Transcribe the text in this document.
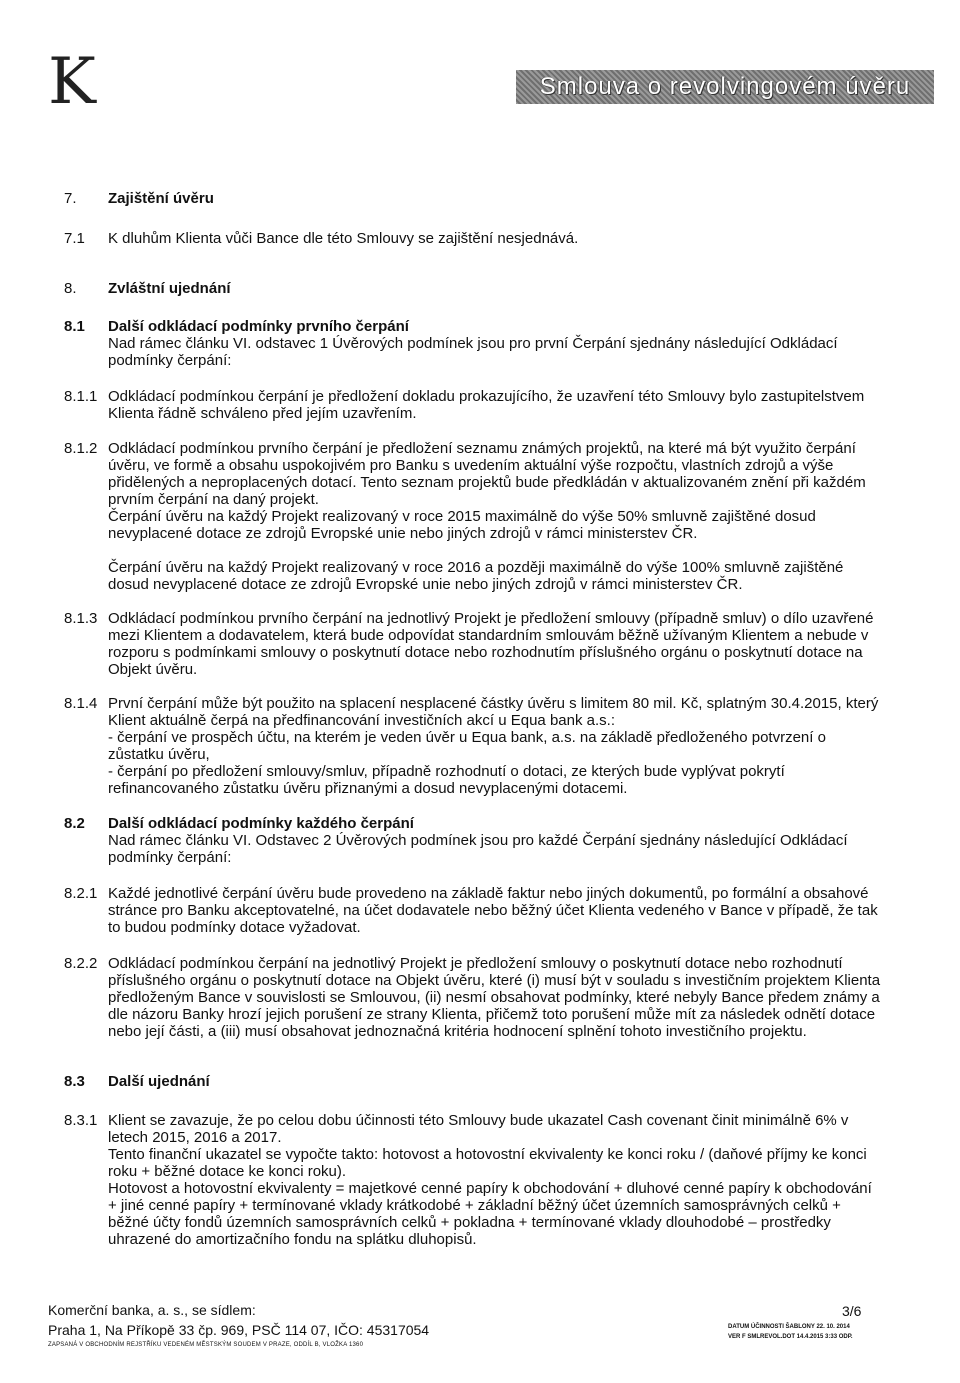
K	Smlouva o revolvingovém úvěru
7.	Zajištění úvěru

7.1	K dluhům Klienta vůči Bance dle této Smlouvy se zajištění nesjednává.

8.	Zvláštní ujednání

8.1	Další odkládací podmínky prvního čerpání

Nad rámec článku VI. odstavec 1 Úvěrových podmínek jsou pro první Čerpání sjednány následující Odkládací podmínky čerpání:

8.1.1 Odkládací podmínkou čerpání je předložení dokladu prokazujícího, že uzavření této Smlouvy bylo zastupitelstvem Klienta řádně schváleno před jejím uzavřením.

8.1.2 Odkládací podmínkou prvního čerpání je předložení seznamu známých projektů, na které má být využito čerpání úvěru, ve formě a obsahu uspokojivém pro Banku s uvedením aktuální výše rozpočtu, vlastních zdrojů a výše přidělených a neproplacených dotací. Tento seznam projektů bude předkládán v aktualizovaném znění při každém prvním čerpání na daný projekt.

Čerpání úvěru na každý Projekt realizovaný v roce 2015 maximálně do výše 50% smluvně zajištěné dosud nevyplacené dotace ze zdrojů Evropské unie nebo jiných zdrojů v rámci ministerstev ČR.

Čerpání úvěru na každý Projekt realizovaný v roce 2016 a později maximálně do výše 100% smluvně zajištěné dosud nevyplacené dotace ze zdrojů Evropské unie nebo jiných zdrojů v rámci ministerstev ČR.

8.1.3 Odkládací podmínkou prvního čerpání na jednotlivý Projekt je předložení smlouvy (případně smluv) o dílo uzavřené mezi Klientem a dodavatelem, která bude odpovídat standardním smlouvám běžně užívaným Klientem a nebude v rozporu s podmínkami smlouvy o poskytnutí dotace nebo rozhodnutím příslušného orgánu o poskytnutí dotace na Objekt úvěru.

8.1.4 První čerpání může být použito na splacení nesplacené částky úvěru s limitem 80 mil. Kč, splatným 30.4.2015, který Klient aktuálně čerpá na předfinancování investičních akcí u Equa bank a.s.:

- čerpání ve prospěch účtu, na kterém je veden úvěr u Equa bank, a.s. na základě předloženého potvrzení o zůstatku úvěru,

- čerpání po předložení smlouvy/smluv, případně rozhodnutí o dotaci, ze kterých bude vyplývat pokrytí refinancovaného zůstatku úvěru přiznanými a dosud nevyplacenými dotacemi.

8.2	Další odkládací podmínky každého čerpání

Nad rámec článku VI. Odstavec 2 Úvěrových podmínek jsou pro každé Čerpání sjednány následující Odkládací podmínky čerpání:

8.2.1 Každé jednotlivé čerpání úvěru bude provedeno na základě faktur nebo jiných dokumentů, po formální a obsahové stránce pro Banku akceptovatelné, na účet dodavatele nebo běžný účet Klienta vedeného v Bance v případě, že tak to budou podmínky dotace vyžadovat.

8.2.2 Odkládací podmínkou čerpání na jednotlivý Projekt je předložení smlouvy o poskytnutí dotace nebo rozhodnutí příslušného orgánu o poskytnutí dotace na Objekt úvěru, které (i) musí být v souladu s investičním projektem Klienta předloženým Bance v souvislosti se Smlouvou, (ii) nesmí obsahovat podmínky, které nebyly Bance předem známy a dle názoru Banky hrozí jejich porušení ze strany Klienta, přičemž toto porušení může mít za následek odnětí dotace nebo její části, a (iii) musí obsahovat jednoznačná kritéria hodnocení splnění tohoto investičního projektu.

8.3	Další ujednání

8.3.1 Klient se zavazuje, že po celou dobu účinnosti této Smlouvy bude ukazatel Cash covenant činit minimálně 6% v letech 2015, 2016 a 2017.

Tento finanční ukazatel se vypočte takto: hotovost a hotovostní ekvivalenty ke konci roku / (daňové příjmy ke konci roku + běžné dotace ke konci roku).

Hotovost a hotovostní ekvivalenty = majetkové cenné papíry k obchodování + dluhové cenné papíry k obchodování + jiné cenné papíry + termínované vklady krátkodobé + základní běžný účet územních samosprávných celků + běžné účty fondů územních samosprávních celků + pokladna + termínované vklady dlouhodobé – prostředky uhrazené do amortizačního fondu na splátku dluhopisů.

Komerční banka, a. s., se sídlem:
Praha 1, Na Příkopě 33 čp. 969, PSČ 114 07, IČO: 45317054
ZAPSANÁ V OBCHODNÍM REJSTŘÍKU VEDENÉM MĚSTSKÝM SOUDEM V PRAZE, ODDÍL B, VLOŽKA 1360
3/6
DATUM ÚČINNOSTI ŠABLONY 22. 10. 2014
VER F SMLREVOL.DOT 14.4.2015 3:33 ODP.
